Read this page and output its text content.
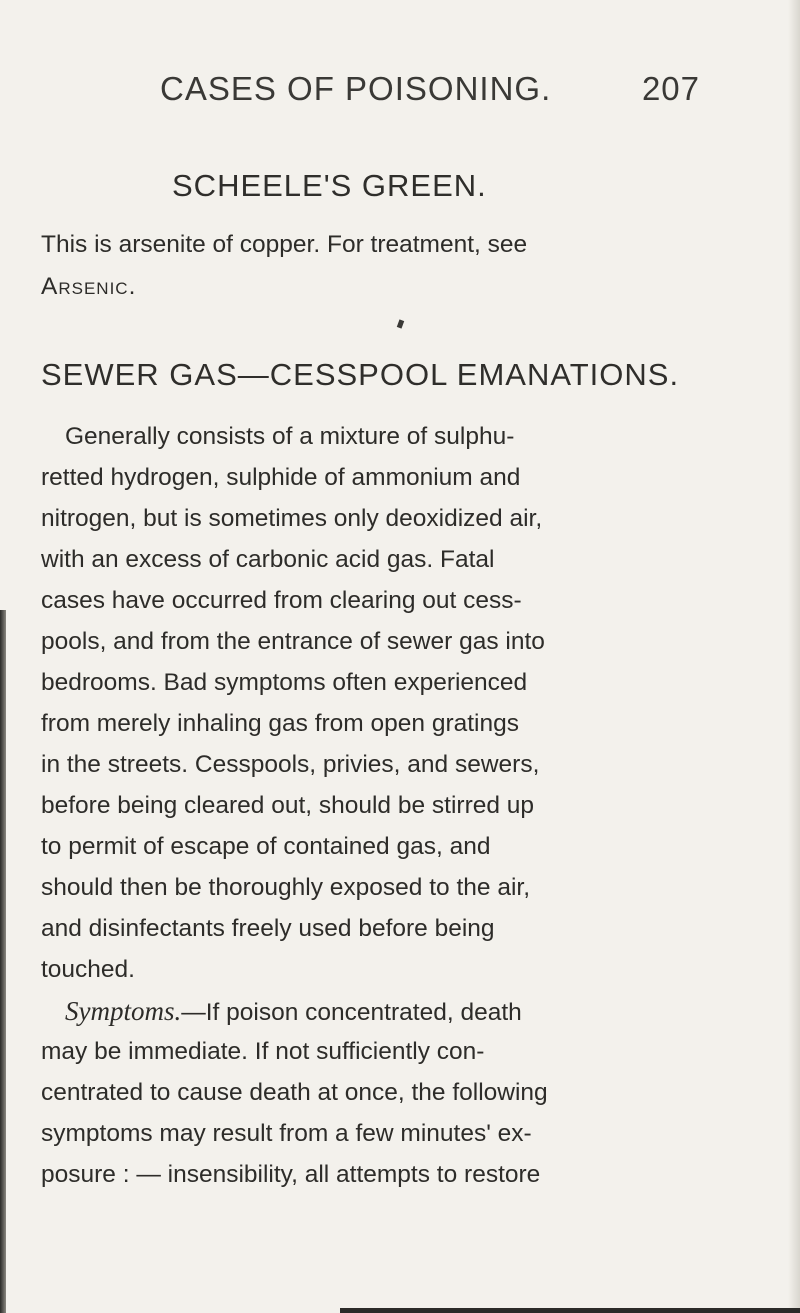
CASES OF POISONING.	207
SCHEELE'S GREEN.
This is arsenite of copper. For treatment, see
Arsenic.
SEWER GAS—CESSPOOL EMANATIONS.
Generally consists of a mixture of sulphu-
retted hydrogen, sulphide of ammonium and
nitrogen, but is sometimes only deoxidized air,
with an excess of carbonic acid gas. Fatal
cases have occurred from clearing out cess-
pools, and from the entrance of sewer gas into
bedrooms. Bad symptoms often experienced
from merely inhaling gas from open gratings
in the streets. Cesspools, privies, and sewers,
before being cleared out, should be stirred up
to permit of escape of contained gas, and
should then be thoroughly exposed to the air,
and disinfectants freely used before being
touched.
Symptoms.—If poison concentrated, death
may be immediate. If not sufficiently con-
centrated to cause death at once, the following
symptoms may result from a few minutes' ex-
posure : — insensibility, all attempts to restore
